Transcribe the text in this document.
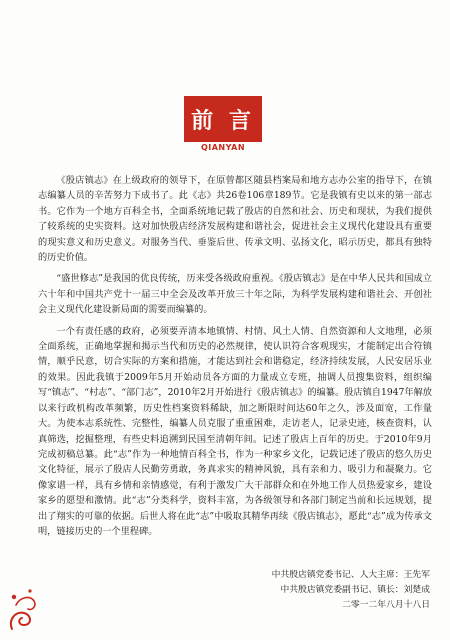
前 言
QIANYAN

《殷店镇志》在上级政府的领导下，在原曾都区随县档案局和地方志办公室的指导下，在镇志编纂人员的辛苦努力下成书了。此《志》共26卷106章189节。它是我镇有史以来的第一部志书。它作为一个地方百科全书，全面系统地记载了殷店的自然和社会、历史和现状，为我们提供了较系统的史实资料。这对加快殷店经济发展构建和谐社会，促进社会主义现代化建设具有重要的现实意义和历史意义。对服务当代、垂鉴后世、传承文明、弘扬文化，昭示历史，都具有独特的历史价值。

“盛世修志”是我国的优良传统，历来受各级政府重视。《殷店镇志》是在中华人民共和国成立六十年和中国共产党十一届三中全会及改革开放三十年之际，为科学发展构建和谐社会、开创社会主义现代化建设新局面的需要而编纂的。

一个有责任感的政府，必须要弄清本地镇情、村情、风土人情、自然资源和人文地理，必须全面系统，正确地掌握和揭示当代和历史的必然规律，使认识符合客观现实，才能制定出合符镇情，顺乎民意，切合实际的方案和措施，才能达到社会和谐稳定，经济持续发展，人民安居乐业的效果。因此我镇于2009年5月开始动员各方面的力量成立专班，抽调人员搜集资料，组织编写“镇志”、“村志”、“部门志”，2010年2月开始进行《殷店镇志》的编纂。殷店镇自1947年解放以来行政机构改革频繁，历史性档案资料稀缺，加之断限时间达60年之久，涉及面宽，工作量大。为使本志系统性、完整性，编纂人员克服了重重困难，走访老人，记录史迹，核查资料，认真筛选，挖掘整理，有些史料追溯到民国至清朝年间。记述了殷店上百年的历史。于2010年9月完成初稿总纂。此“志”作为一种地情百科全书，作为一种家乡文化，记载记述了殷店的悠久历史文化特征，展示了殷店人民勤劳勇敢，务真求实的精神风貌，具有亲和力、吸引力和凝聚力。它像家谱一样，具有乡情和亲情感觉，有利于激发广大干部群众和在外地工作人员热爱家乡，建设家乡的愿望和激情。此“志”分类科学，资料丰富，为各级领导和各部门制定当前和长远规划，提出了翔实的可靠的依据。后世人将在此“志”中吸取其精华再续《殷店镇志》，愿此“志”成为传承文明，链接历史的一个里程碑。

中共殷店镇党委书记、人大主席：王先军
中共殷店镇党委副书记、镇长：刘楚成
二零一二年八月十八日
